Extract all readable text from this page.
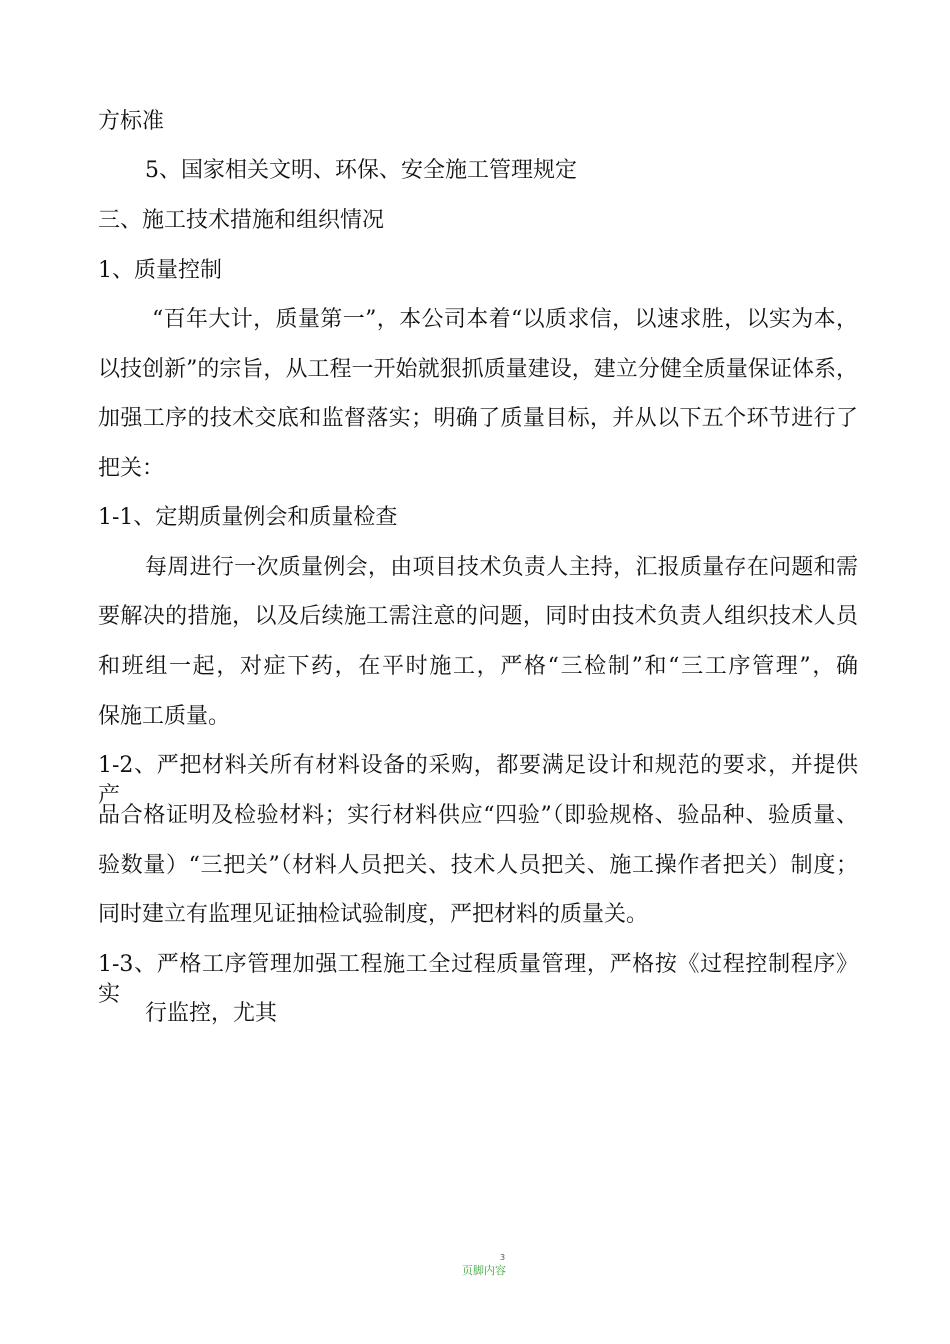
方标准
5、国家相关文明、环保、安全施工管理规定
三、施工技术措施和组织情况
1、质量控制
“百年大计，质量第一”，本公司本着“以质求信，以速求胜，以实为本，
以技创新”的宗旨，从工程一开始就狠抓质量建设，建立分健全质量保证体系，
加强工序的技术交底和监督落实；明确了质量目标，并从以下五个环节进行了
把关：
1-1、定期质量例会和质量检查
每周进行一次质量例会，由项目技术负责人主持，汇报质量存在问题和需
要解决的措施，以及后续施工需注意的问题，同时由技术负责人组织技术人员
和班组一起，对症下药，在平时施工，严格“三检制”和“三工序管理”，确
保施工质量。
1-2、严把材料关所有材料设备的采购，都要满足设计和规范的要求，并提供产
品合格证明及检验材料；实行材料供应“四验”（即验规格、验品种、验质量、
验数量）“三把关”（材料人员把关、技术人员把关、施工操作者把关）制度；
同时建立有监理见证抽检试验制度，严把材料的质量关。
1-3、严格工序管理加强工程施工全过程质量管理，严格按《过程控制程序》实
行监控，尤其
页脚内容
3
